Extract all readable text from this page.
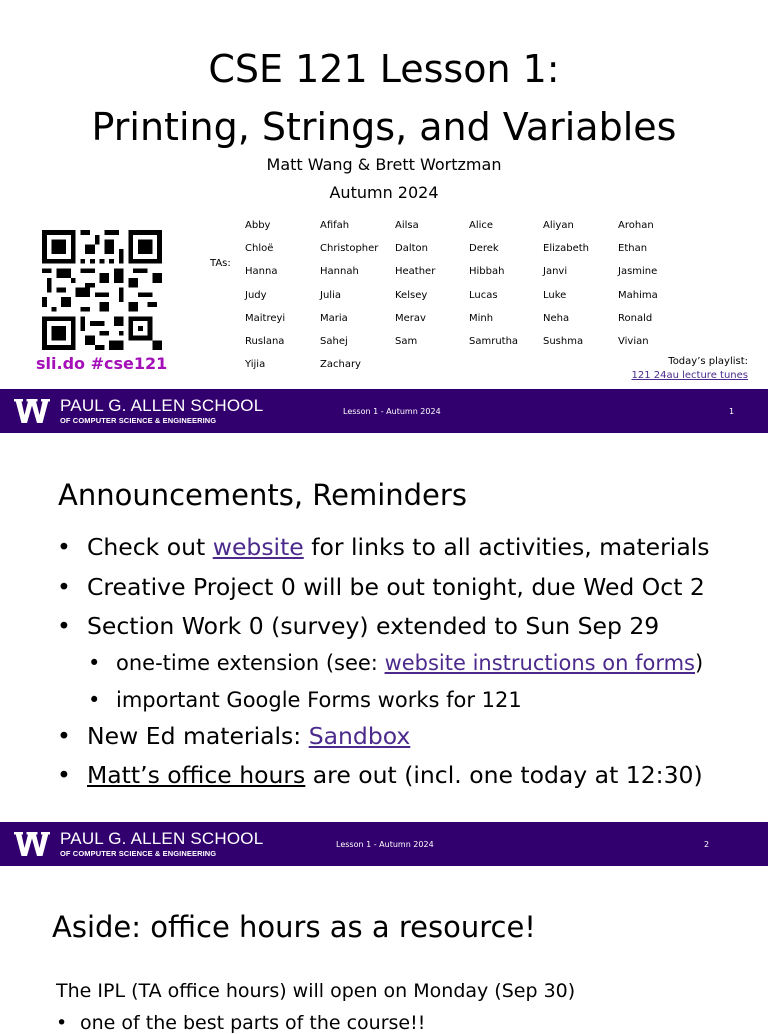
CSE 121 Lesson 1:
Printing, Strings, and Variables
Matt Wang & Brett Wortzman
Autumn 2024
sli.do #cse121
TAs:
Abby	Afifah	Ailsa	Alice	Aliyan	Arohan
Chloë	Christopher	Dalton	Derek	Elizabeth	Ethan
Hanna	Hannah	Heather	Hibbah	Janvi	Jasmine
Judy	Julia	Kelsey	Lucas	Luke	Mahima
Maitreyi	Maria	Merav	Minh	Neha	Ronald
Ruslana	Sahej	Sam	Samrutha	Sushma	Vivian
Yijia	Zachary	Today’s playlist:
121 24au lecture tunes
PAUL G. ALLEN SCHOOL
OF COMPUTER SCIENCE & ENGINEERING
Lesson 1 - Autumn 2024	1
Announcements, Reminders
• Check out website for links to all activities, materials
• Creative Project 0 will be out tonight, due Wed Oct 2
• Section Work 0 (survey) extended to Sun Sep 29
• one-time extension (see: website instructions on forms)
• important Google Forms works for 121
• New Ed materials: Sandbox
• Matt’s office hours are out (incl. one today at 12:30)
PAUL G. ALLEN SCHOOL
OF COMPUTER SCIENCE & ENGINEERING
Lesson 1 - Autumn 2024	2
Aside: office hours as a resource!
The IPL (TA office hours) will open on Monday (Sep 30)
• one of the best parts of the course!!
